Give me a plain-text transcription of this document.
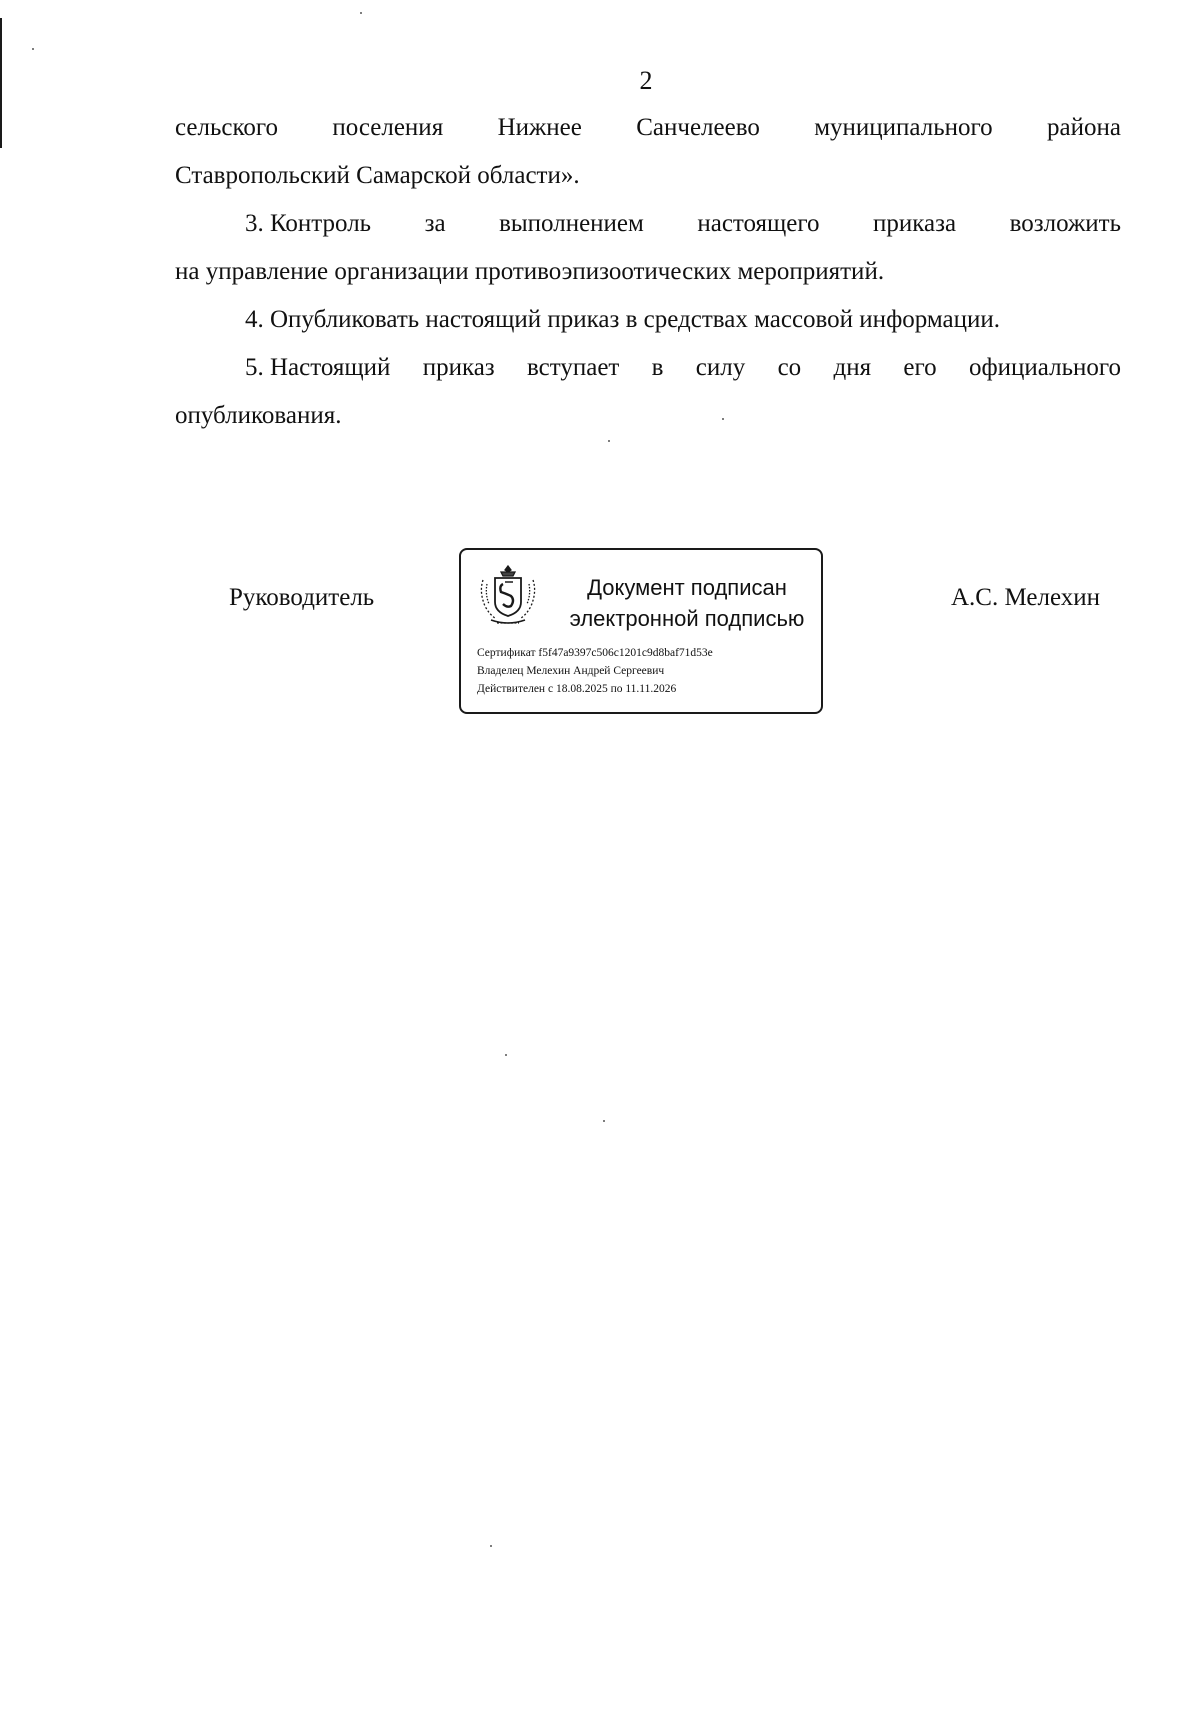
2
сельского поселения Нижнее Санчелеево муниципального района

Ставропольский Самарской области».

3. Контроль за выполнением настоящего приказа возложить

на управление организации противоэпизоотических мероприятий.

4. Опубликовать настоящий приказ в средствах массовой информации.

5. Настоящий приказ вступает в силу со дня его официального

опубликования.

Руководитель	Документ подписан
электронной подписью
Сертификат f5f47a9397c506c1201c9d8baf71d53e
Владелец Мелехин Андрей Сергеевич
Действителен с 18.08.2025 по 11.11.2026
А.С. Мелехин
